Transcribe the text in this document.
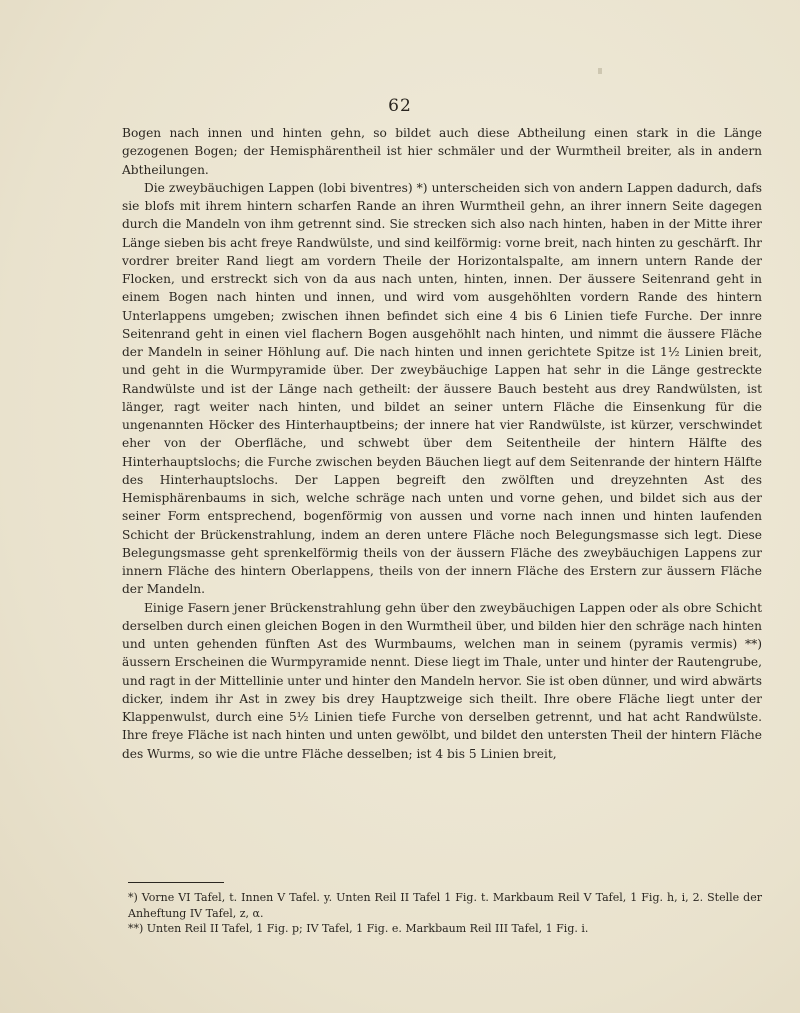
62

Bogen nach innen und hinten gehn, so bildet auch diese Abtheilung einen stark in die Länge gezogenen Bogen; der Hemisphärentheil ist hier schmäler und der Wurmtheil breiter, als in andern Abtheilungen.

Die zweybäuchigen Lappen (lobi biventres) *) unterscheiden sich von andern Lappen dadurch, dafs sie blofs mit ihrem hintern scharfen Rande an ihren Wurmtheil gehn, an ihrer innern Seite dagegen durch die Mandeln von ihm getrennt sind. Sie strecken sich also nach hinten, haben in der Mitte ihrer Länge sieben bis acht freye Randwülste, und sind keilförmig: vorne breit, nach hinten zu geschärft. Ihr vordrer breiter Rand liegt am vordern Theile der Horizontalspalte, am innern untern Rande der Flocken, und erstreckt sich von da aus nach unten, hinten, innen. Der äussere Seitenrand geht in einem Bogen nach hinten und innen, und wird vom ausgehöhlten vordern Rande des hintern Unterlappens umgeben; zwischen ihnen befindet sich eine 4 bis 6 Linien tiefe Furche. Der innre Seitenrand geht in einen viel flachern Bogen ausgehöhlt nach hinten, und nimmt die äussere Fläche der Mandeln in seiner Höhlung auf. Die nach hinten und innen gerichtete Spitze ist 1½ Linien breit, und geht in die Wurmpyramide über. Der zweybäuchige Lappen hat sehr in die Länge gestreckte Randwülste und ist der Länge nach getheilt: der äussere Bauch besteht aus drey Randwülsten, ist länger, ragt weiter nach hinten, und bildet an seiner untern Fläche die Einsenkung für die ungenannten Höcker des Hinterhauptbeins; der innere hat vier Randwülste, ist kürzer, verschwindet eher von der Oberfläche, und schwebt über dem Seitentheile der hintern Hälfte des Hinterhauptslochs; die Furche zwischen beyden Bäuchen liegt auf dem Seitenrande der hintern Hälfte des Hinterhauptslochs. Der Lappen begreift den zwölften und dreyzehnten Ast des Hemisphärenbaums in sich, welche schräge nach unten und vorne gehen, und bildet sich aus der seiner Form entsprechend, bogenförmig von aussen und vorne nach innen und hinten laufenden Schicht der Brückenstrahlung, indem an deren untere Fläche noch Belegungsmasse sich legt. Diese Belegungsmasse geht sprenkelförmig theils von der äussern Fläche des zweybäuchigen Lappens zur innern Fläche des hintern Oberlappens, theils von der innern Fläche des Erstern zur äussern Fläche der Mandeln.

Einige Fasern jener Brückenstrahlung gehn über den zweybäuchigen Lappen oder als obre Schicht derselben durch einen gleichen Bogen in den Wurmtheil über, und bilden hier den schräge nach hinten und unten gehenden fünften Ast des Wurmbaums, welchen man in seinem (pyramis vermis) **) äussern Erscheinen die Wurmpyramide nennt. Diese liegt im Thale, unter und hinter der Rautengrube, und ragt in der Mittellinie unter und hinter den Mandeln hervor. Sie ist oben dünner, und wird abwärts dicker, indem ihr Ast in zwey bis drey Hauptzweige sich theilt. Ihre obere Fläche liegt unter der Klappenwulst, durch eine 5½ Linien tiefe Furche von derselben getrennt, und hat acht Randwülste. Ihre freye Fläche ist nach hinten und unten gewölbt, und bildet den untersten Theil der hintern Fläche des Wurms, so wie die untre Fläche desselben; ist 4 bis 5 Linien breit,

*) Vorne VI Tafel, t. Innen V Tafel. y. Unten Reil II Tafel 1 Fig. t. Markbaum Reil V Tafel, 1 Fig. h, i, 2. Stelle der Anheftung IV Tafel, z, α.

**) Unten Reil II Tafel, 1 Fig. p; IV Tafel, 1 Fig. e. Markbaum Reil III Tafel, 1 Fig. i.
